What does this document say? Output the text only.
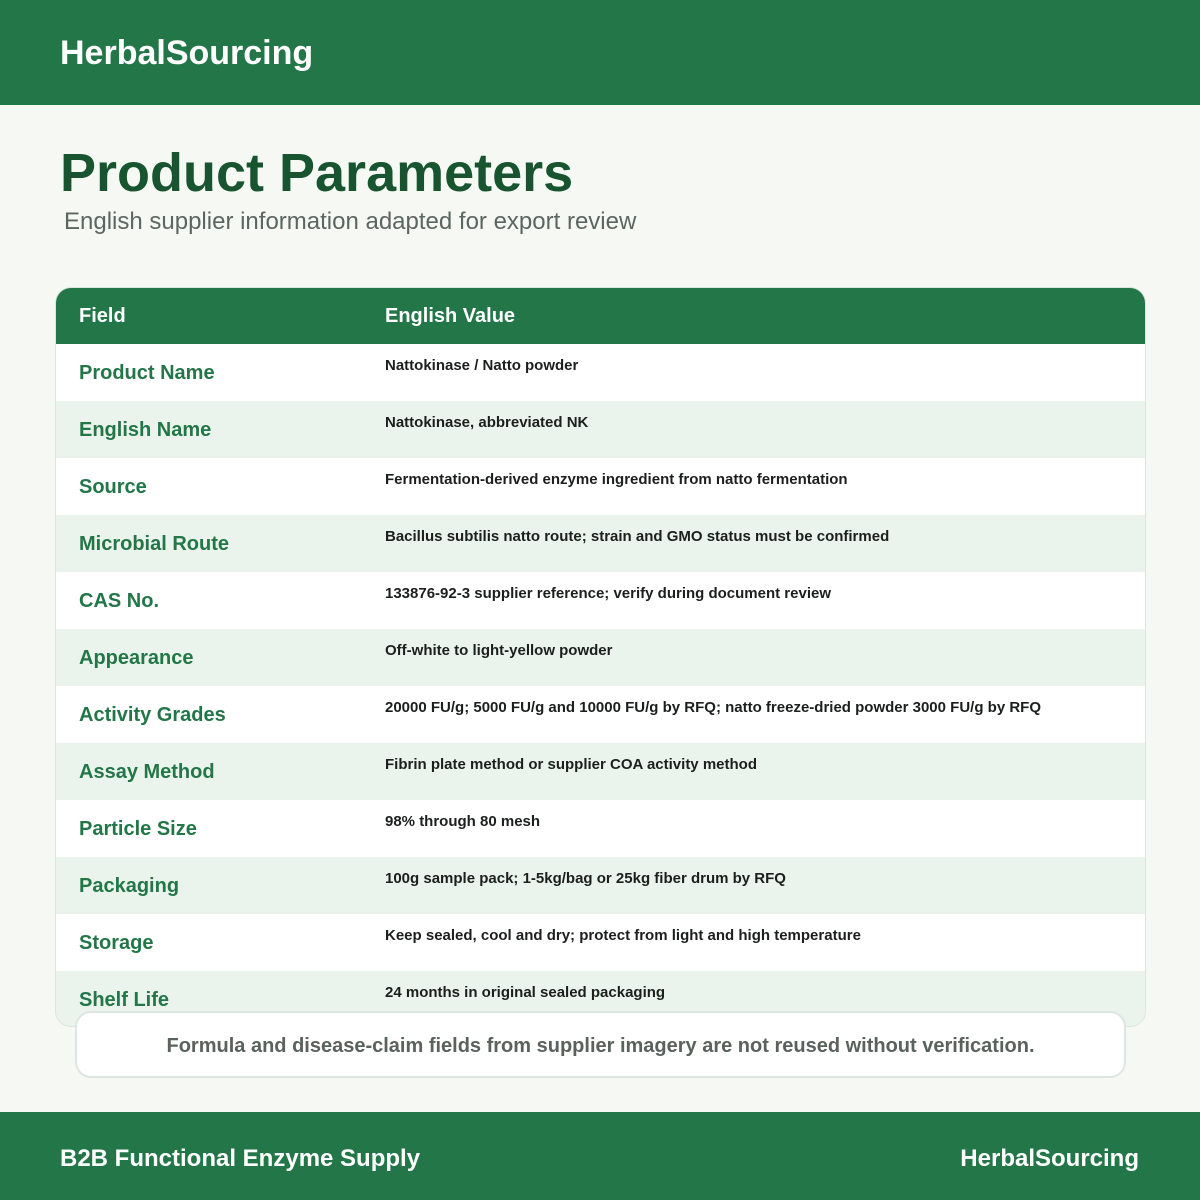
HerbalSourcing
Product Parameters
English supplier information adapted for export review
Field	English Value
Product Name	Nattokinase / Natto powder
English Name	Nattokinase, abbreviated NK
Source	Fermentation-derived enzyme ingredient from natto fermentation
Microbial Route	Bacillus subtilis natto route; strain and GMO status must be confirmed
CAS No.	133876-92-3 supplier reference; verify during document review
Appearance	Off-white to light-yellow powder
Activity Grades	20000 FU/g; 5000 FU/g and 10000 FU/g by RFQ; natto freeze-dried powder 3000 FU/g by RFQ
Assay Method	Fibrin plate method or supplier COA activity method
Particle Size	98% through 80 mesh
Packaging	100g sample pack; 1-5kg/bag or 25kg fiber drum by RFQ
Storage	Keep sealed, cool and dry; protect from light and high temperature
Shelf Life	24 months in original sealed packaging
Formula and disease-claim fields from supplier imagery are not reused without verification.
B2B Functional Enzyme Supply	HerbalSourcing
